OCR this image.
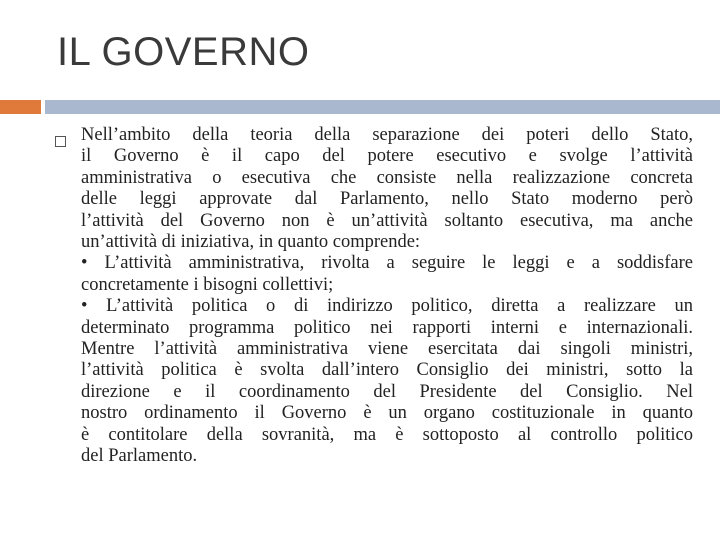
IL GOVERNO
Nell’ambito della teoria della separazione dei poteri dello Stato,
il Governo è il capo del potere esecutivo e svolge l’attività
amministrativa o esecutiva che consiste nella realizzazione concreta
delle leggi approvate dal Parlamento, nello Stato moderno però
l’attività del Governo non è un’attività soltanto esecutiva, ma anche
un’attività di iniziativa, in quanto comprende:
• L’attività amministrativa, rivolta a seguire le leggi e a soddisfare
concretamente i bisogni collettivi;
• L’attività politica o di indirizzo politico, diretta a realizzare un
determinato programma politico nei rapporti interni e internazionali.
Mentre l’attività amministrativa viene esercitata dai singoli ministri,
l’attività politica è svolta dall’intero Consiglio dei ministri, sotto la
direzione e il coordinamento del Presidente del Consiglio. Nel
nostro ordinamento il Governo è un organo costituzionale in quanto
è contitolare della sovranità, ma è sottoposto al controllo politico
del Parlamento.
